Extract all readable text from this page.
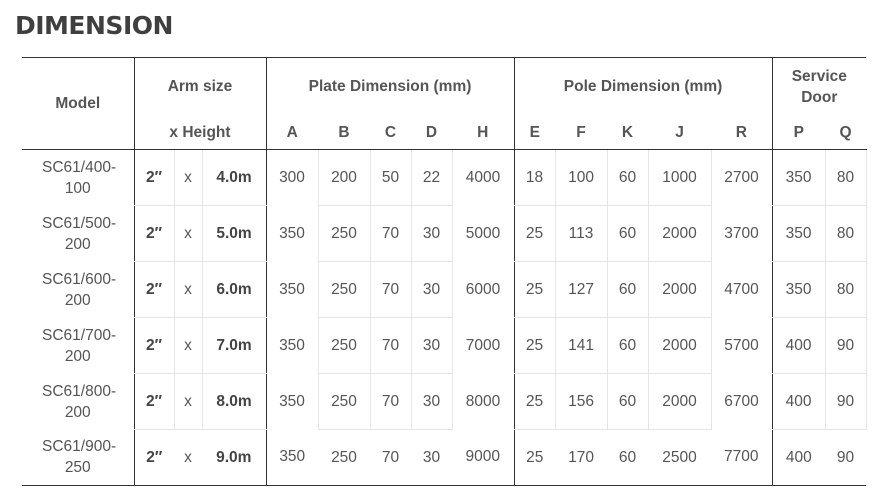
DIMENSION
Model	Arm size			Plate Dimension (mm)					Pole Dimension (mm)					Service Door	
	x Height			A	B	C	D	H	E	F	K	J	R	P	Q
SC61/400-100	2″	x	4.0m	300	200	50	22	4000	18	100	60	1000	2700	350	80
SC61/500-200	2″	x	5.0m	350	250	70	30	5000	25	113	60	2000	3700	350	80
SC61/600-200	2″	x	6.0m	350	250	70	30	6000	25	127	60	2000	4700	350	80
SC61/700-200	2″	x	7.0m	350	250	70	30	7000	25	141	60	2000	5700	400	90
SC61/800-200	2″	x	8.0m	350	250	70	30	8000	25	156	60	2000	6700	400	90
SC61/900-250	2″	x	9.0m	350	250	70	30	9000	25	170	60	2500	7700	400	90
